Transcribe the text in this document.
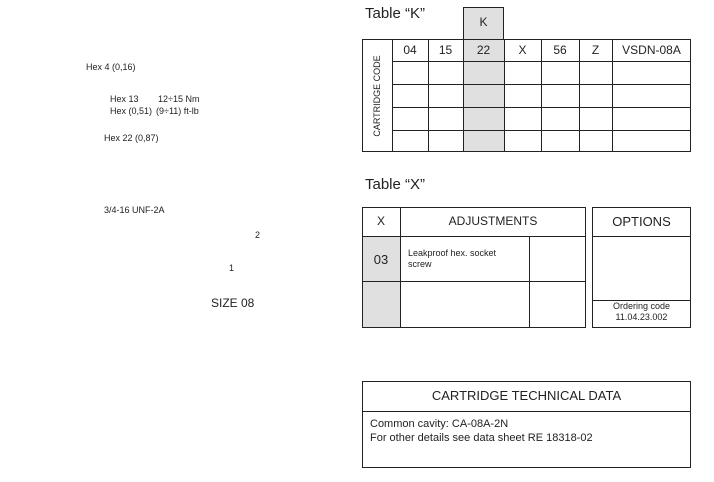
Hex 4 (0,16)
Hex 13
Hex (0,51)
12÷15 Nm
(9÷11) ft-lb
Hex 22 (0,87)
3/4-16 UNF-2A
1
2
SIZE 08
Table “K”	K
CARTRIDGE CODE
04	15	22	X	56	Z	VSDN-08A
Table “X”
X	ADJUSTMENTS
03	Leakproof hex. socket
screw
OPTIONS
Ordering code
11.04.23.002
CARTRIDGE TECHNICAL DATA
Common cavity: CA-08A-2N
For other details see data sheet RE 18318-02
